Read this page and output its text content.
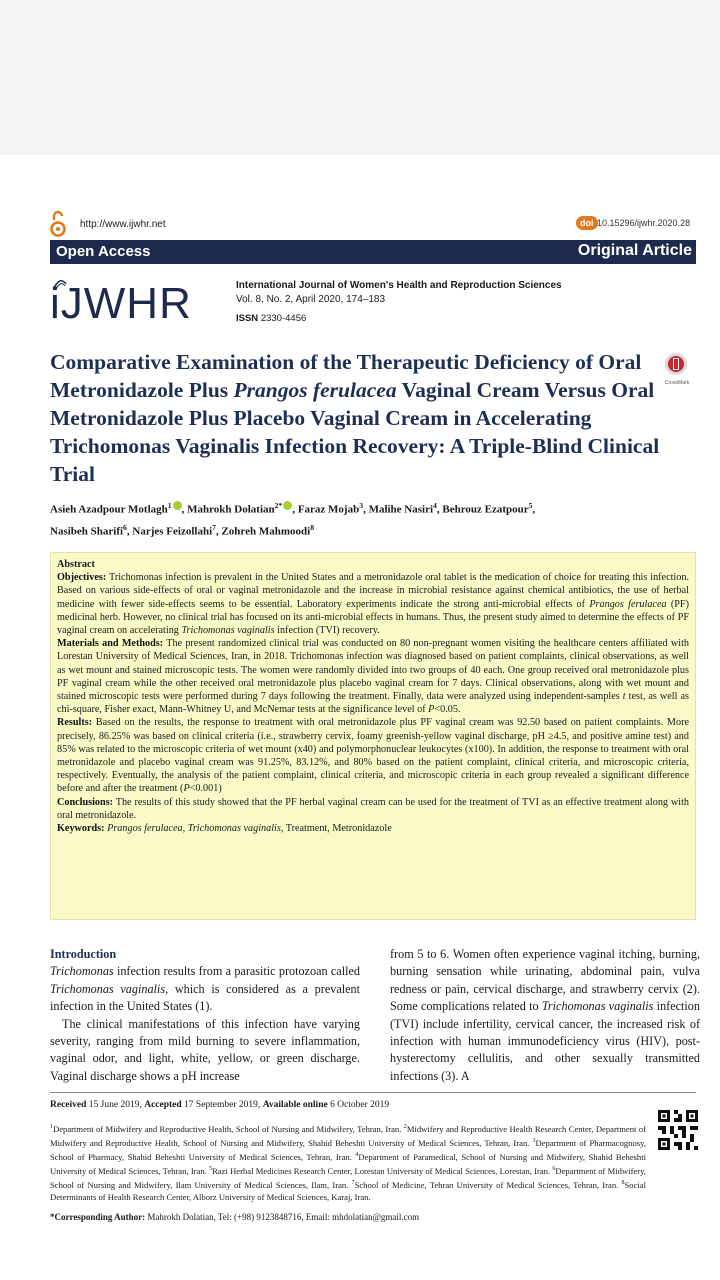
http://www.ijwhr.net	doi 10.15296/ijwhr.2020.28
Open Access	Original Article
iJWHR	International Journal of Women's Health and Reproduction Sciences
Vol. 8, No. 2, April 2020, 174–183
ISSN 2330-4456
Comparative Examination of the Therapeutic Deficiency of Oral Metronidazole Plus Prangos ferulacea Vaginal Cream Versus Oral Metronidazole Plus Placebo Vaginal Cream in Accelerating Trichomonas Vaginalis Infection Recovery: A Triple-Blind Clinical Trial
CrossMark
Asieh Azadpour Motlagh$^1$ , Mahrokh Dolatian$^{2*}$ , Faraz Mojab$^3$, Malihe Nasiri$^4$, Behrouz Ezatpour$^5$,
Nasibeh Sharifi$^6$, Narjes Feizollahi$^7$, Zohreh Mahmoodi$^8$

Abstract

Objectives: Trichomonas infection is prevalent in the United States and a metronidazole oral tablet is the medication of choice for treating this infection. Based on various side-effects of oral or vaginal metronidazole and the increase in microbial resistance against chemical antibiotics, the use of herbal medicine with fewer side-effects seems to be essential. Laboratory experiments indicate the strong anti-microbial effects of Prangos ferulacea (PF) medicinal herb. However, no clinical trial has focused on its anti-microbial effects in humans. Thus, the present study aimed to determine the effects of PF vaginal cream on accelerating Trichomonas vaginalis infection (TVI) recovery.

Materials and Methods: The present randomized clinical trial was conducted on 80 non-pregnant women visiting the healthcare centers affiliated with Lorestan University of Medical Sciences, Iran, in 2018. Trichomonas infection was diagnosed based on patient complaints, clinical observations, as well as wet mount and stained microscopic tests. The women were randomly divided into two groups of 40 each. One group received oral metronidazole plus PF vaginal cream while the other received oral metronidazole plus placebo vaginal cream for 7 days. Clinical observations, along with wet mount and stained microscopic tests were performed during 7 days following the treatment. Finally, data were analyzed using independent-samples t test, as well as chi-square, Fisher exact, Mann-Whitney U, and McNemar tests at the significance level of P<0.05.

Results: Based on the results, the response to treatment with oral metronidazole plus PF vaginal cream was 92.50 based on patient complaints. More precisely, 86.25% was based on clinical criteria (i.e., strawberry cervix, foamy greenish-yellow vaginal discharge, pH ≥4.5, and positive amine test) and 85% was related to the microscopic criteria of wet mount (x40) and polymorphonuclear leukocytes (x100). In addition, the response to treatment with oral metronidazole and placebo vaginal cream was 91.25%, 83.12%, and 80% based on the patient complaint, clinical criteria, and microscopic criteria, respectively. Eventually, the analysis of the patient complaint, clinical criteria, and microscopic criteria in each group revealed a significant difference before and after the treatment (P<0.001)

Conclusions: The results of this study showed that the PF herbal vaginal cream can be used for the treatment of TVI as an effective treatment along with oral metronidazole.

Keywords: Prangos ferulacea, Trichomonas vaginalis, Treatment, Metronidazole

Introduction

Trichomonas infection results from a parasitic protozoan called Trichomonas vaginalis, which is considered as a prevalent infection in the United States (1).

The clinical manifestations of this infection have varying severity, ranging from mild burning to severe inflammation, vaginal odor, and light, white, yellow, or green discharge. Vaginal discharge shows a pH increase

from 5 to 6. Women often experience vaginal itching, burning, burning sensation while urinating, abdominal pain, vulva redness or pain, cervical discharge, and strawberry cervix (2). Some complications related to Trichomonas vaginalis infection (TVI) include infertility, cervical cancer, the increased risk of infection with human immunodeficiency virus (HIV), post-hysterectomy cellulitis, and other sexually transmitted infections (3). A

Received 15 June 2019, Accepted 17 September 2019, Available online 6 October 2019
$^1$Department of Midwifery and Reproductive Health, School of Nursing and Midwifery, Tehran, Iran. $^2$Midwifery and Reproductive Health Research Center, Department of Midwifery and Reproductive Health, School of Nursing and Midwifery, Shahid Beheshti University of Medical Sciences, Tehran, Iran. $^3$Department of Pharmacognosy, School of Pharmacy, Shahid Beheshti University of Medical Sciences, Tehran, Iran. $^4$Department of Paramedical, School of Nursing and Midwifery, Shahid Beheshti University of Medical Sciences, Tehran, Iran. $^5$Razi Herbal Medicines Research Center, Lorestan University of Medical Sciences, Lorestan, Iran. $^6$Department of Midwifery, School of Nursing and Midwifery, Ilam University of Medical Sciences, Ilam, Iran. $^7$School of Medicine, Tehran University of Medical Sciences, Tehran, Iran. $^8$Social Determinants of Health Research Center, Alborz University of Medical Sciences, Karaj, Iran.
*Corresponding Author: Mahrokh Dolatian, Tel: (+98) 9123848716, Email: mhdolatian@gmail.com
